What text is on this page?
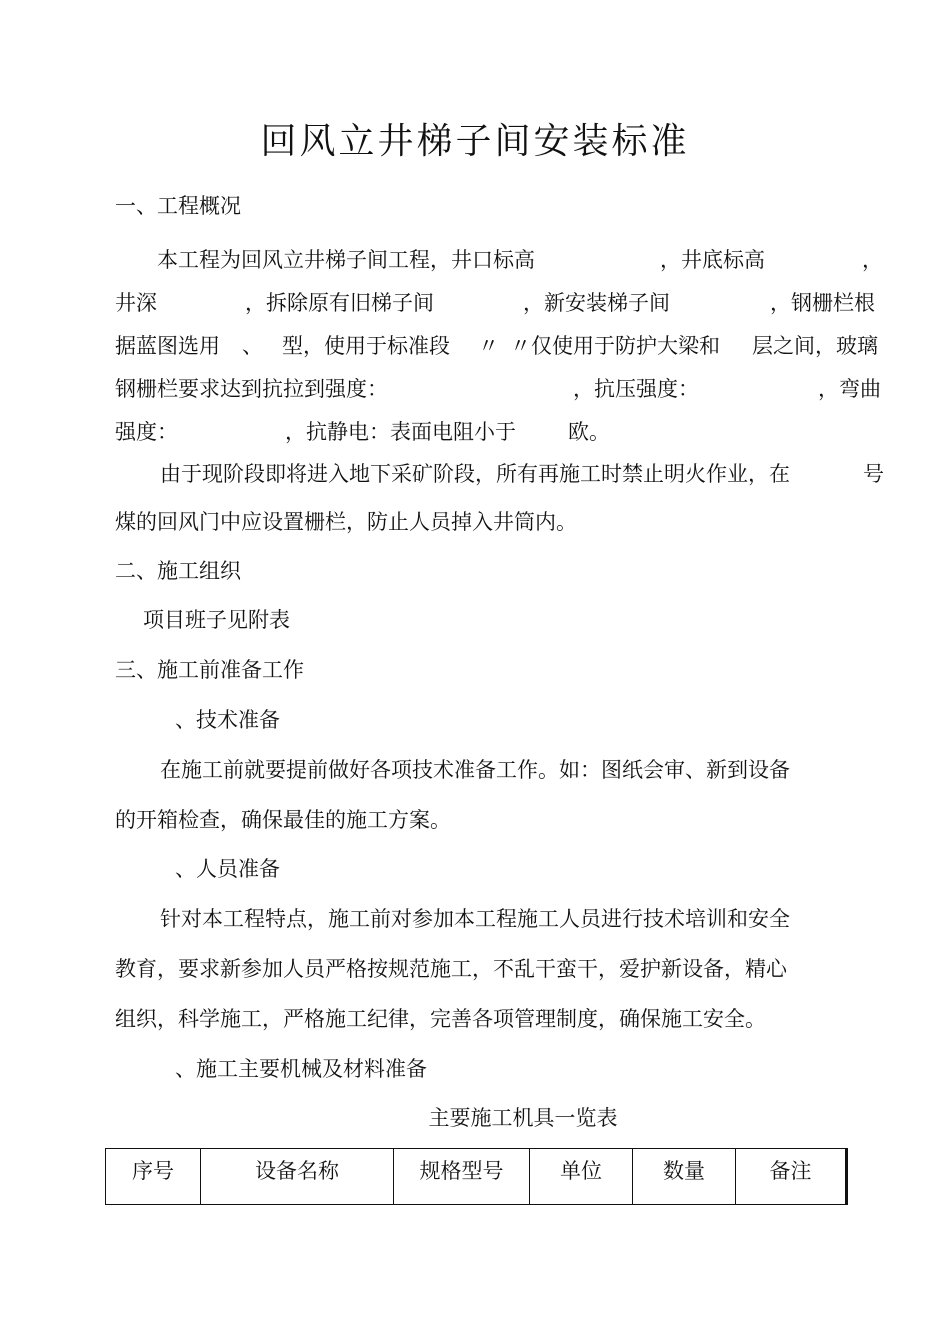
回风立井梯子间安装标准
一、工程概况
本工程为回风立井梯子间工程，井口标高	，井底标高	，
井深	，拆除原有旧梯子间	，新安装梯子间	，钢栅栏根
据蓝图选用 、 型，使用于标准段 〃 〃仅使用于防护大梁和 层之间，玻璃
钢栅栏要求达到抗拉到强度：	，抗压强度：	，弯曲
强度：	，抗静电：表面电阻小于 欧。
由于现阶段即将进入地下采矿阶段，所有再施工时禁止明火作业，在	号
煤的回风门中应设置栅栏，防止人员掉入井筒内。
二、施工组织
项目班子见附表
三、施工前准备工作
、技术准备
在施工前就要提前做好各项技术准备工作。如：图纸会审、新到设备
的开箱检查，确保最佳的施工方案。
、人员准备
针对本工程特点，施工前对参加本工程施工人员进行技术培训和安全
教育，要求新参加人员严格按规范施工，不乱干蛮干，爱护新设备，精心
组织，科学施工，严格施工纪律，完善各项管理制度，确保施工安全。
、施工主要机械及材料准备
主要施工机具一览表
序号	设备名称	规格型号	单位	数量	备注
